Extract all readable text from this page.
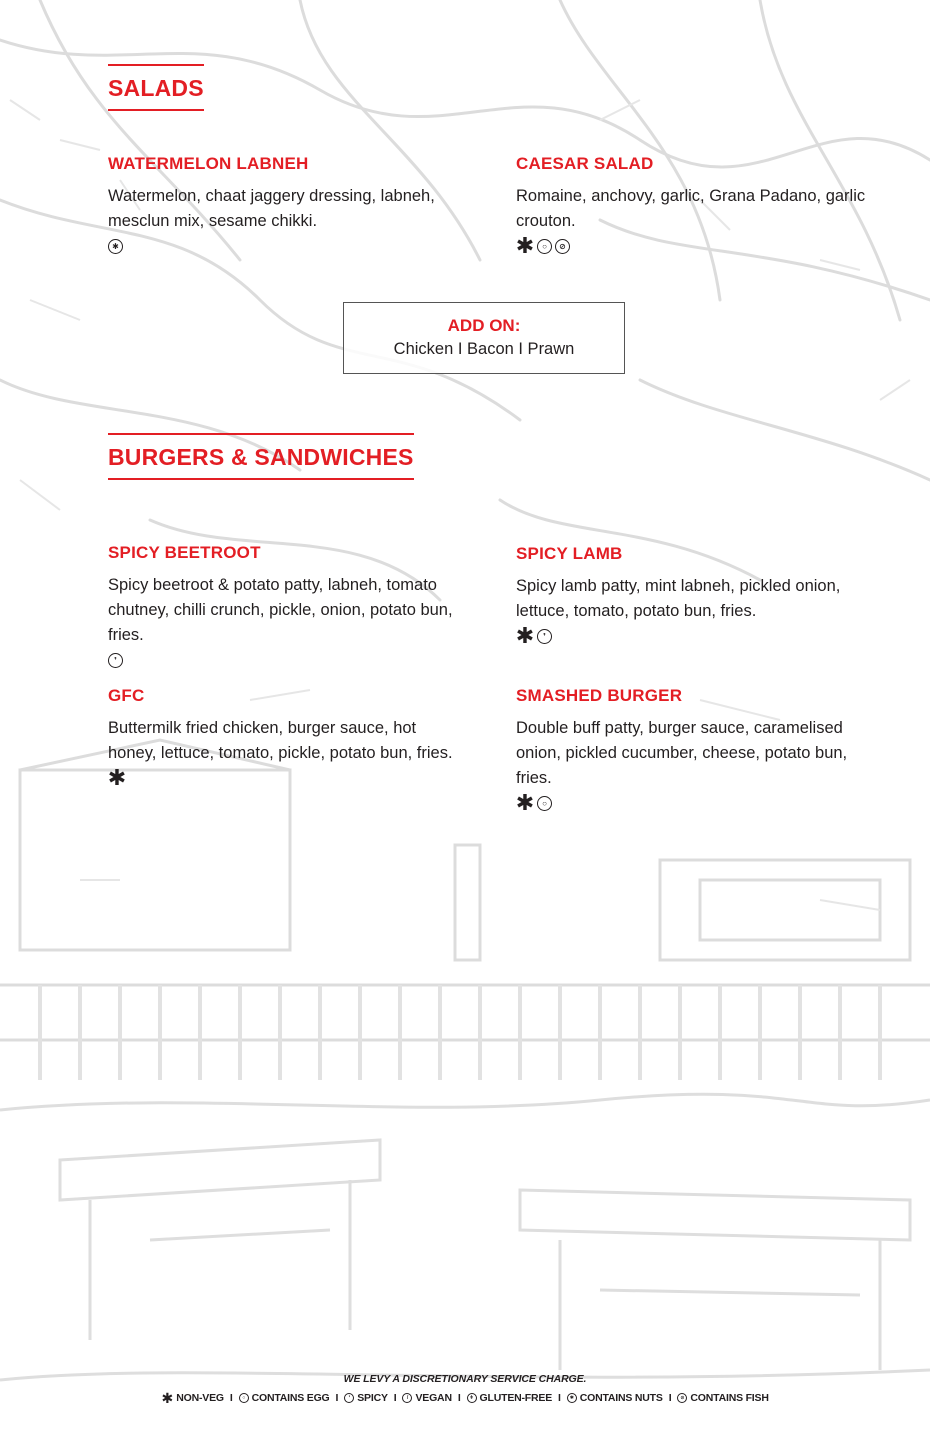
SALADS
WATERMELON LABNEH

Watermelon, chaat jaggery dressing, labneh, mesclun mix, sesame chikki.

✱
CAESAR SALAD

Romaine, anchovy, garlic, Grana Padano, garlic crouton.

✱ ○	⊘
ADD ON:
Chicken I Bacon I Prawn
BURGERS & SANDWICHES
SPICY BEETROOT

Spicy beetroot & potato patty, labneh, tomato chutney, chilli crunch, pickle, onion, potato bun, fries.

❜
SPICY LAMB

Spicy lamb patty, mint labneh, pickled onion, lettuce, tomato, potato bun, fries.

✱	❜
GFC

Buttermilk fried chicken, burger sauce, hot honey, lettuce, tomato, pickle, potato bun, fries.

✱
SMASHED BURGER

Double buff patty, burger sauce, caramelised onion, pickled cucumber, cheese, potato bun, fries.

✱ ○
WE LEVY A DISCRETIONARY SERVICE CHARGE.
✱ NON-VEG I	○ CONTAINS EGG I	❜ SPICY I	/ VEGAN I	ǂ GLUTEN-FREE I	✱ CONTAINS NUTS I	⊘ CONTAINS FISH
